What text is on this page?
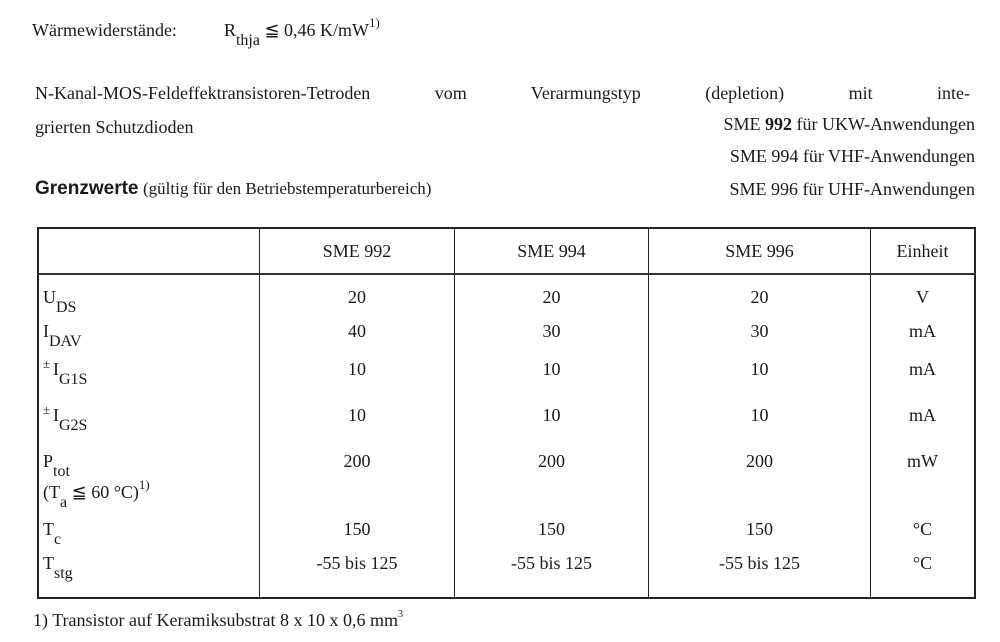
Wärmewiderstände:	Rthja ≦ 0,46 $K/mW^{1)}$
N-Kanal-MOS-Feldeffektransistoren-Tetroden vom Verarmungstyp (depletion) mit inte-
grierten Schutzdioden	SME 992 für UKW-Anwendungen
SME 994 für VHF-Anwendungen
SME 996 für UHF-Anwendungen
Grenzwerte (gültig für den Betriebstemperaturbereich)
	SME 992	SME 994	SME 996	Einheit
UDS	20	20	20	V
IDAV	40	30	30	mA
± IG1S	10	10	10	mA
± IG2S	10	10	10	mA
Ptot
(Ta ≦ 60 °C)$^{1)}$	200	200	200	mW
Tc	150	150	150	°C
Tstg	-55 bis 125	-55 bis 125	-55 bis 125	°C
1) Transistor auf Keramiksubstrat 8 x 10 x 0,6 $mm^3$
